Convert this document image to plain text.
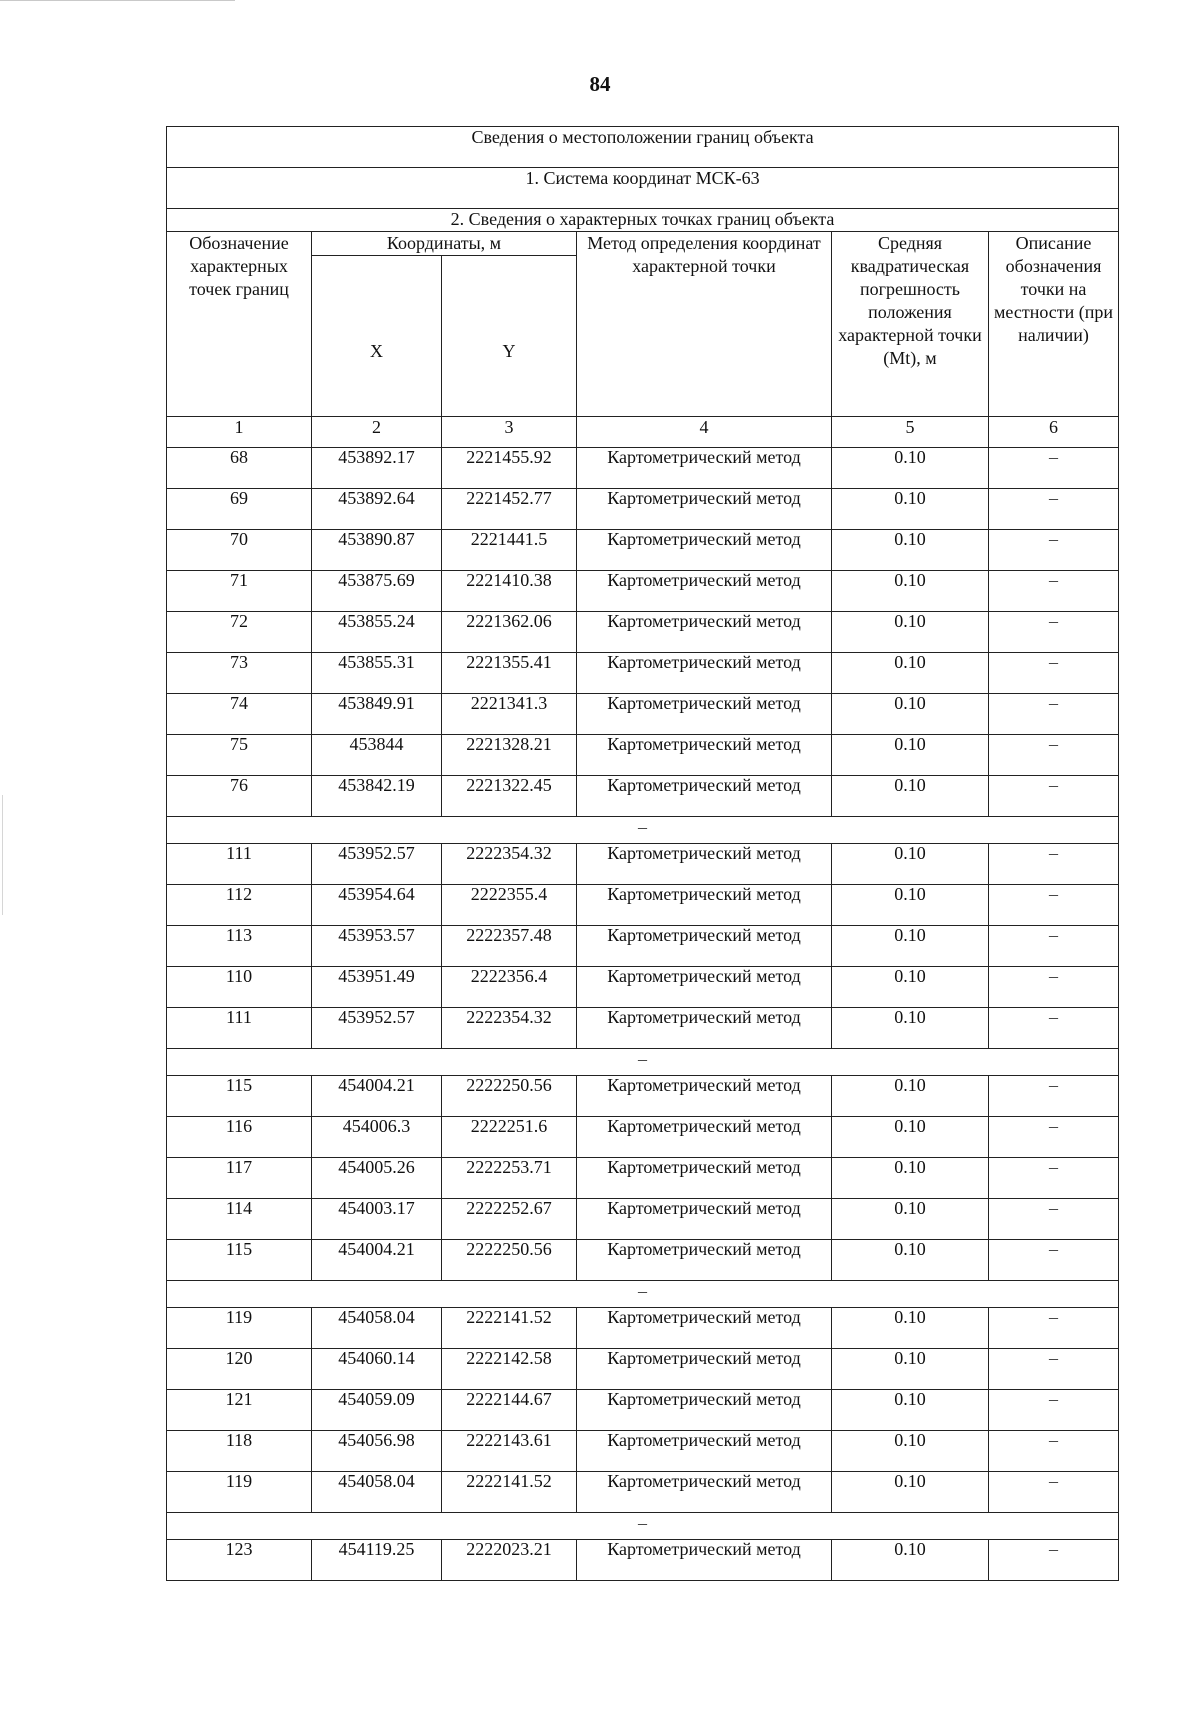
84
Сведения о местоположении границ объекта					
1. Система координат МСК-63					
2. Сведения о характерных точках границ объекта					
Обозначение характерных точек границ	Координаты, м		Метод определения координат характерной точки	Средняя квадратическая погрешность положения характерной точки (Mt), м	Описание обозначения точки на местности (при наличии)
	X	Y			
1	2	3	4	5	6
68	453892.17	2221455.92	Картометрический метод	0.10	–
69	453892.64	2221452.77	Картометрический метод	0.10	–
70	453890.87	2221441.5	Картометрический метод	0.10	–
71	453875.69	2221410.38	Картометрический метод	0.10	–
72	453855.24	2221362.06	Картометрический метод	0.10	–
73	453855.31	2221355.41	Картометрический метод	0.10	–
74	453849.91	2221341.3	Картометрический метод	0.10	–
75	453844	2221328.21	Картометрический метод	0.10	–
76	453842.19	2221322.45	Картометрический метод	0.10	–
–					
111	453952.57	2222354.32	Картометрический метод	0.10	–
112	453954.64	2222355.4	Картометрический метод	0.10	–
113	453953.57	2222357.48	Картометрический метод	0.10	–
110	453951.49	2222356.4	Картометрический метод	0.10	–
111	453952.57	2222354.32	Картометрический метод	0.10	–
–					
115	454004.21	2222250.56	Картометрический метод	0.10	–
116	454006.3	2222251.6	Картометрический метод	0.10	–
117	454005.26	2222253.71	Картометрический метод	0.10	–
114	454003.17	2222252.67	Картометрический метод	0.10	–
115	454004.21	2222250.56	Картометрический метод	0.10	–
–					
119	454058.04	2222141.52	Картометрический метод	0.10	–
120	454060.14	2222142.58	Картометрический метод	0.10	–
121	454059.09	2222144.67	Картометрический метод	0.10	–
118	454056.98	2222143.61	Картометрический метод	0.10	–
119	454058.04	2222141.52	Картометрический метод	0.10	–
–					
123	454119.25	2222023.21	Картометрический метод	0.10	–
